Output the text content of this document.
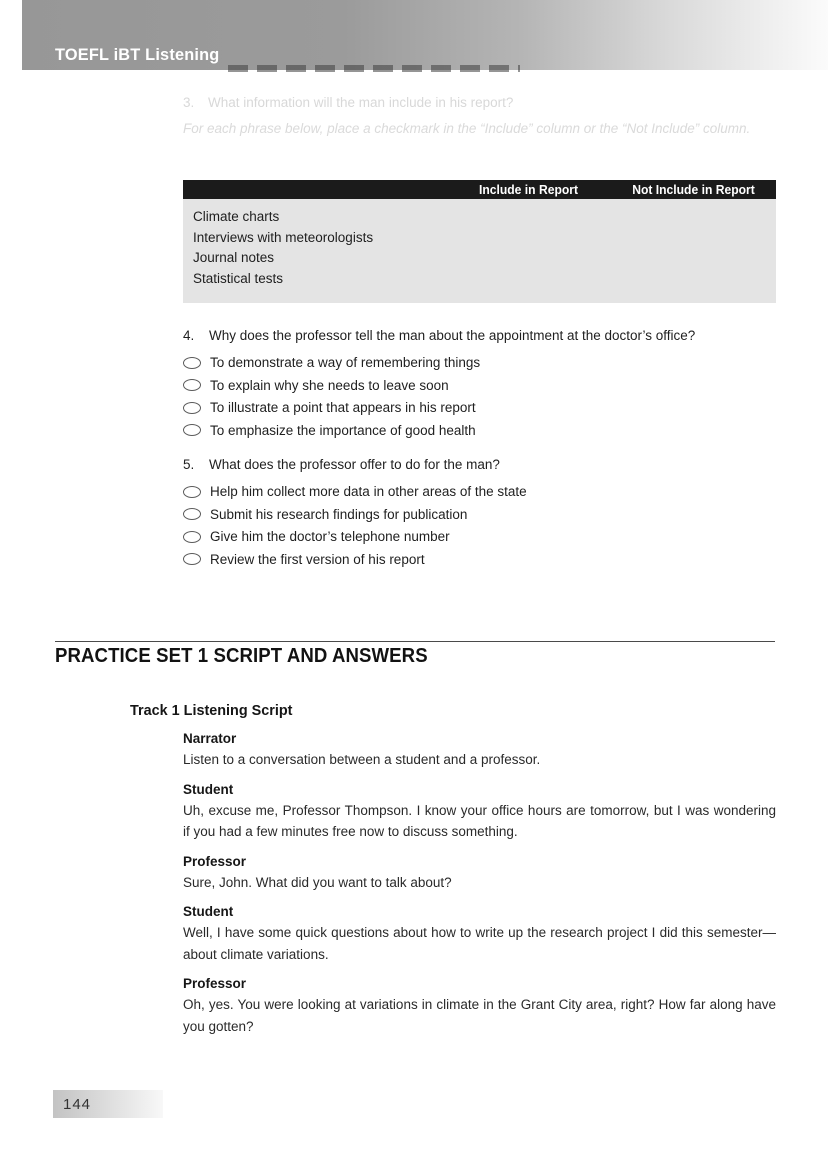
TOEFL iBT Listening
3.	What information will the man include in his report?
For each phrase below, place a checkmark in the “Include” column or the “Not Include” column.
Include in Report	Not Include in Report
Climate charts
Interviews with meteorologists
Journal notes
Statistical tests
4.	Why does the professor tell the man about the appointment at the doctor’s office?
To demonstrate a way of remembering things
To explain why she needs to leave soon
To illustrate a point that appears in his report
To emphasize the importance of good health
5.	What does the professor offer to do for the man?
Help him collect more data in other areas of the state
Submit his research findings for publication
Give him the doctor’s telephone number
Review the first version of his report
PRACTICE SET 1 SCRIPT AND ANSWERS
Track 1 Listening Script
Narrator
Listen to a conversation between a student and a professor.
Student
Uh, excuse me, Professor Thompson. I know your office hours are tomorrow, but I was wondering if you had a few minutes free now to discuss something.
Professor
Sure, John. What did you want to talk about?
Student
Well, I have some quick questions about how to write up the research project I did this semester—about climate variations.
Professor
Oh, yes. You were looking at variations in climate in the Grant City area, right? How far along have you gotten?
144
